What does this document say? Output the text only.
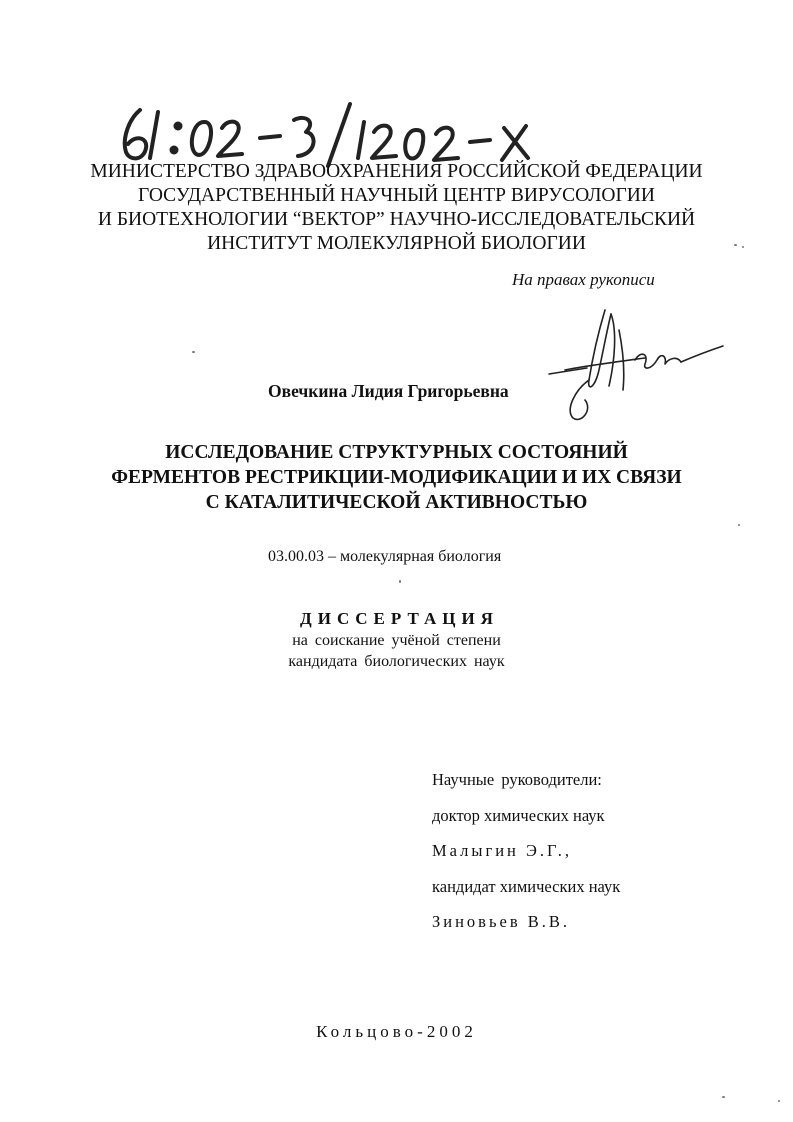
МИНИСТЕРСТВО ЗДРАВООХРАНЕНИЯ РОССИЙСКОЙ ФЕДЕРАЦИИ
ГОСУДАРСТВЕННЫЙ НАУЧНЫЙ ЦЕНТР ВИРУСОЛОГИИ
И БИОТЕХНОЛОГИИ “ВЕКТОР” НАУЧНО-ИССЛЕДОВАТЕЛЬСКИЙ
ИНСТИТУТ МОЛЕКУЛЯРНОЙ БИОЛОГИИ
На правах рукописи
Овечкина Лидия Григорьевна
ИССЛЕДОВАНИЕ СТРУКТУРНЫХ СОСТОЯНИЙ
ФЕРМЕНТОВ РЕСТРИКЦИИ-МОДИФИКАЦИИ И ИХ СВЯЗИ
С КАТАЛИТИЧЕСКОЙ АКТИВНОСТЬЮ
03.00.03 – молекулярная биология
ДИССЕРТАЦИЯ
на соискание учёной степени
кандидата биологических наук
Научные руководители:
доктор химических наук
Малыгин Э.Г.,
кандидат химических наук
Зиновьев В.В.
Кольцово-2002
